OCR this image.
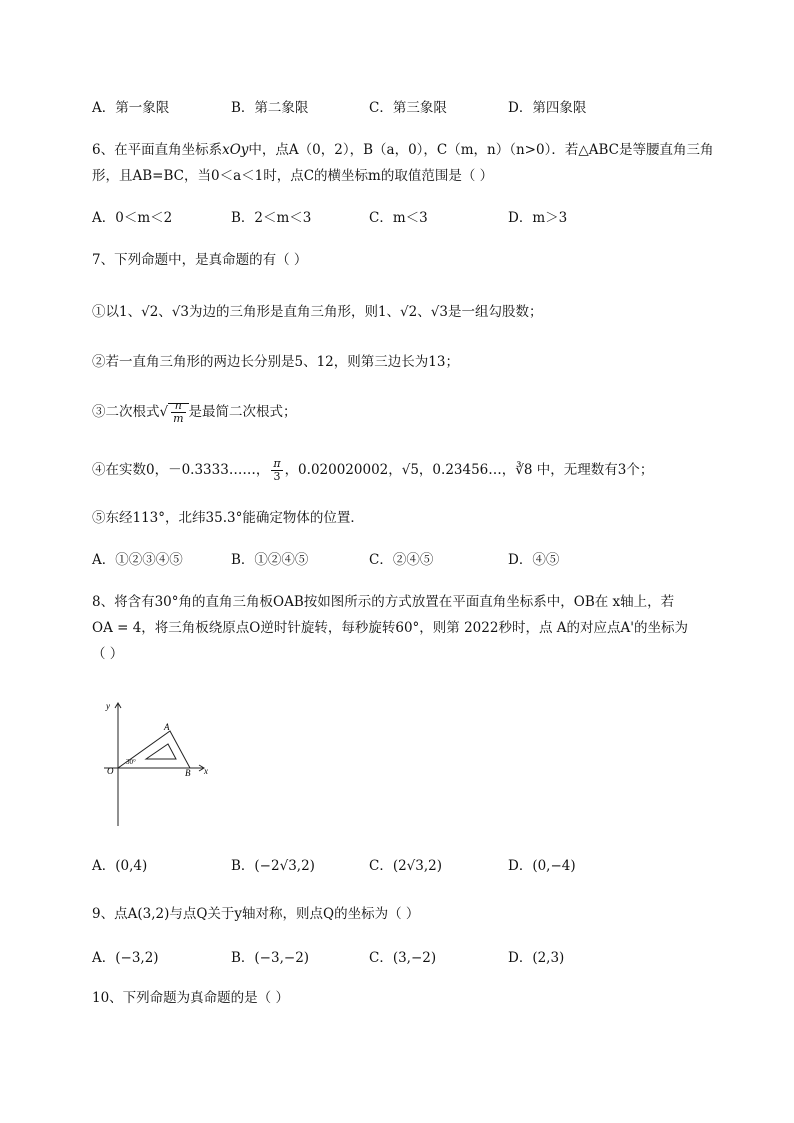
A．第一象限	B．第二象限	C．第三象限	D．第四象限
6、在平面直角坐标系xOy中，点A（0，2），B（a，0），C（m，n）（n>0）．若△ABC是等腰直角三角
形，且AB=BC，当0＜a＜1时，点C的横坐标m的取值范围是（ ）
A．0＜m＜2	B．2＜m＜3	C．m＜3	D．m＞3
7、下列命题中，是真命题的有（ ）
①以1、√2、√3为边的三角形是直角三角形，则1、√2、√3是一组勾股数；
②若一直角三角形的两边长分别是5、12，则第三边长为13；
③二次根式√ $\frac{n}{m}$ 是最简二次根式；
④在实数0，－0.3333……， $\frac{\pi}{3}$ ，0.020020002，√5，0.23456…，∛8 中，无理数有3个；
⑤东经113°，北纬35.3°能确定物体的位置．
A．①②③④⑤	B．①②④⑤	C．②④⑤	D．④⑤
8、将含有30°角的直角三角板OAB按如图所示的方式放置在平面直角坐标系中，OB在 x轴上，若
OA = 4，将三角板绕原点O逆时针旋转，每秒旋转60°，则第 2022秒时，点 A的对应点A'的坐标为
（ ）
y
x
O
A
B
30°
A．(0,4)	B．(−2√3,2)	C．(2√3,2)	D．(0,−4)
9、点A(3,2)与点Q关于y轴对称，则点Q的坐标为（ ）
A．(−3,2)	B．(−3,−2)	C．(3,−2)	D．(2,3)
10、下列命题为真命题的是（ ）
